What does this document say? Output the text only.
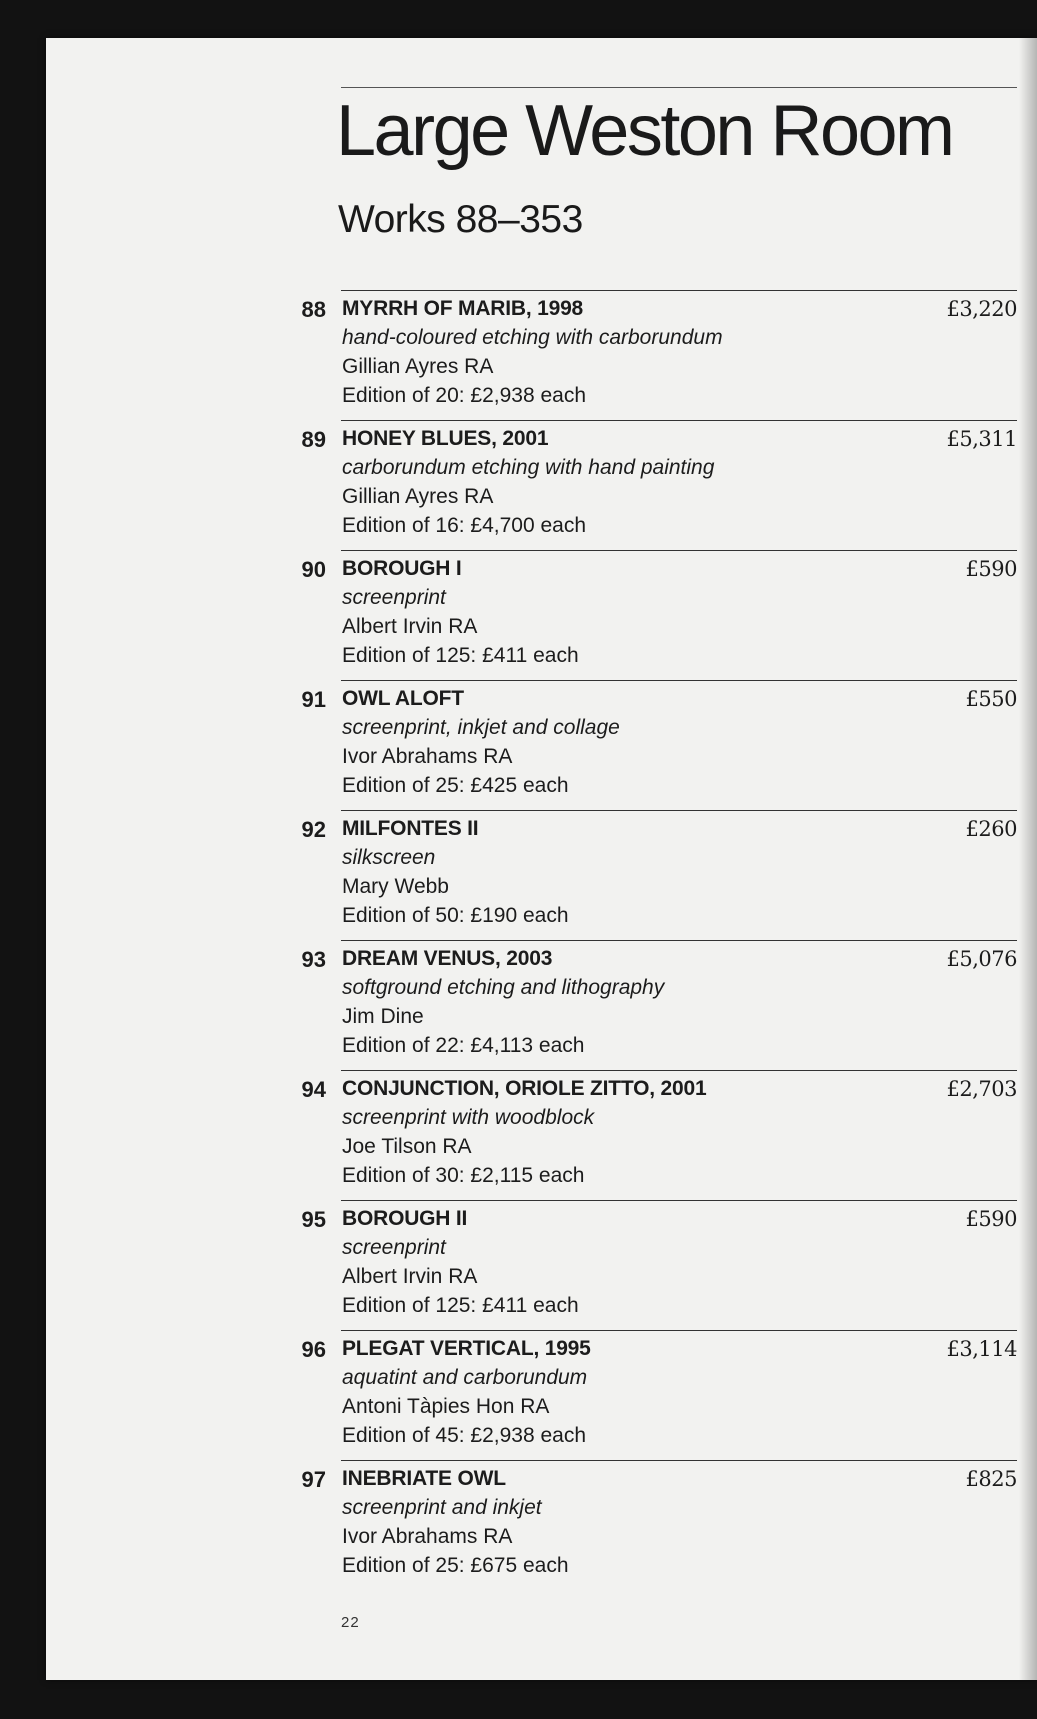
Large Weston Room
Works 88–353
88 MYRRH OF MARIB, 1998	£3,220
hand-coloured etching with carborundum
Gillian Ayres RA
Edition of 20: £2,938 each
89 HONEY BLUES, 2001	£5,311
carborundum etching with hand painting
Gillian Ayres RA
Edition of 16: £4,700 each
90 BOROUGH I	£590
screenprint
Albert Irvin RA
Edition of 125: £411 each
91 OWL ALOFT	£550
screenprint, inkjet and collage
Ivor Abrahams RA
Edition of 25: £425 each
92 MILFONTES II	£260
silkscreen
Mary Webb
Edition of 50: £190 each
93 DREAM VENUS, 2003	£5,076
softground etching and lithography
Jim Dine
Edition of 22: £4,113 each
94 CONJUNCTION, ORIOLE ZITTO, 2001	£2,703
screenprint with woodblock
Joe Tilson RA
Edition of 30: £2,115 each
95 BOROUGH II	£590
screenprint
Albert Irvin RA
Edition of 125: £411 each
96 PLEGAT VERTICAL, 1995	£3,114
aquatint and carborundum
Antoni Tàpies Hon RA
Edition of 45: £2,938 each
97 INEBRIATE OWL	£825
screenprint and inkjet
Ivor Abrahams RA
Edition of 25: £675 each
22
